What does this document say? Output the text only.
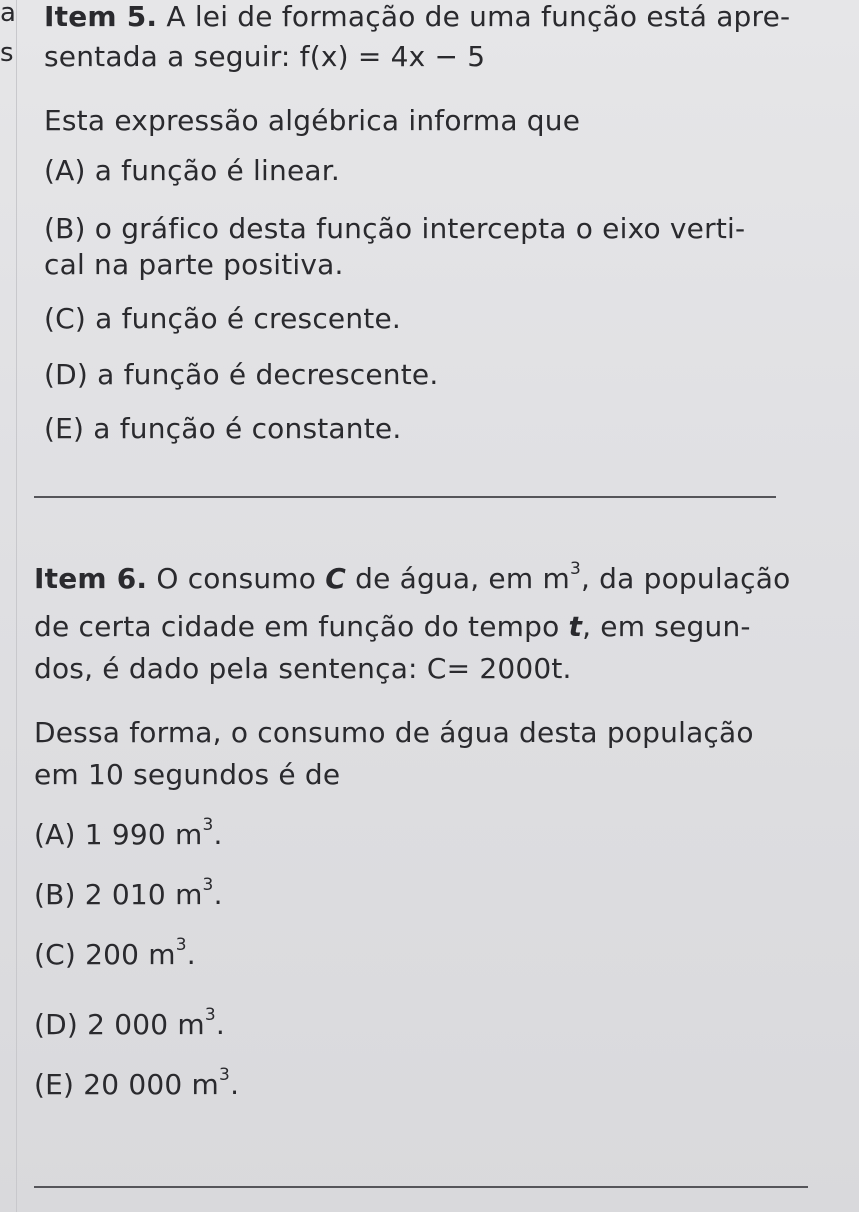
a
s
Item 5. A lei de formação de uma função está apre-
sentada a seguir: f(x) = 4x − 5
Esta expressão algébrica informa que
(A) a função é linear.
(B) o gráfico desta função intercepta o eixo verti-
cal na parte positiva.
(C) a função é crescente.
(D) a função é decrescente.
(E) a função é constante.
Item 6. O consumo C de água, em $m^3$, da população
de certa cidade em função do tempo t, em segun-
dos, é dado pela sentença: C= 2000t.
Dessa forma, o consumo de água desta população
em 10 segundos é de
(A) 1 990 $m^3$.
(B) 2 010 $m^3$.
(C) 200 $m^3$.
(D) 2 000 $m^3$.
(E) 20 000 $m^3$.
